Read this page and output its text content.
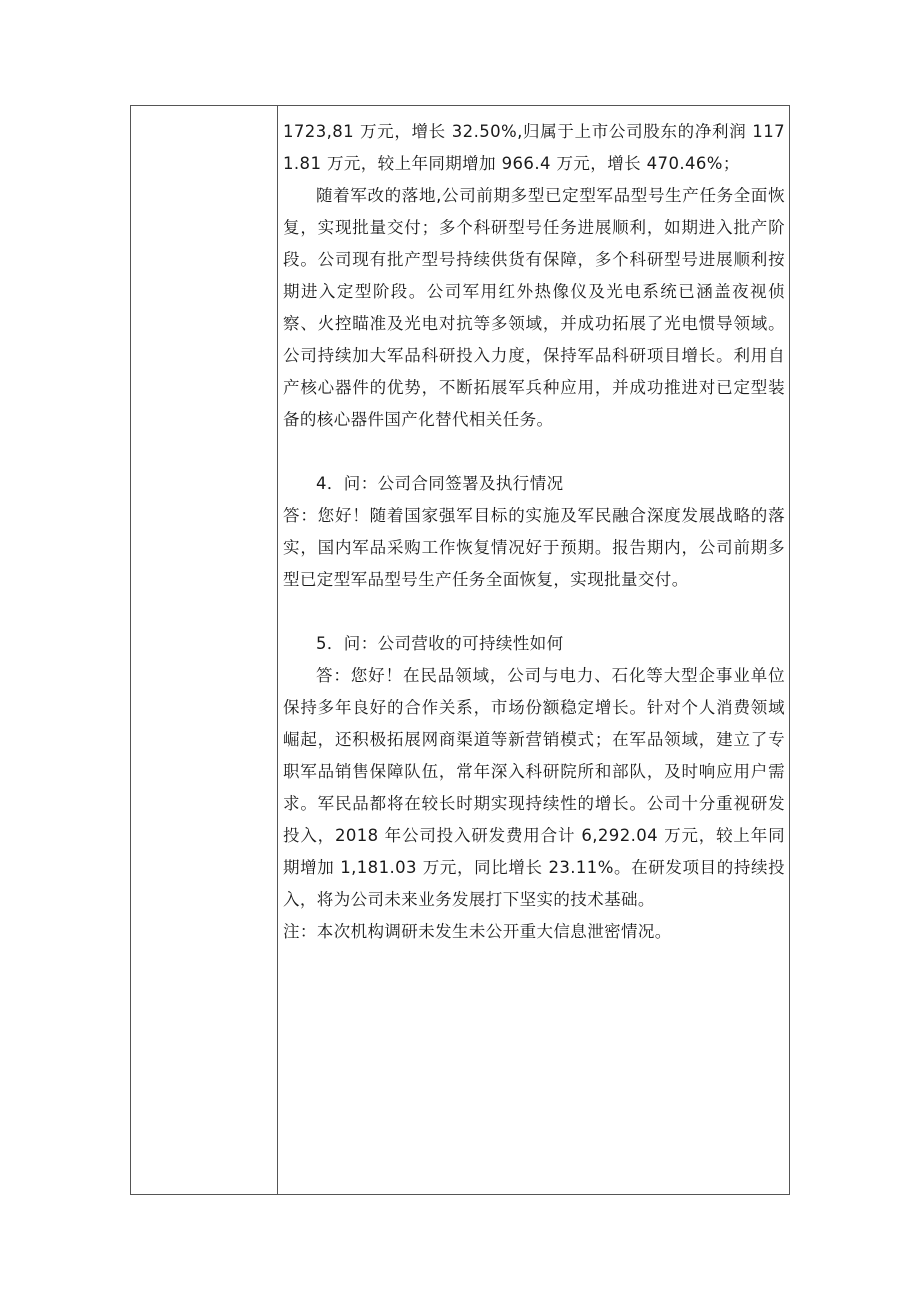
1723,81 万元，增长 32.50%,归属于上市公司股东的净利润 1171.81 万元，较上年同期增加 966.4 万元，增长 470.46%；

随着军改的落地,公司前期多型已定型军品型号生产任务全面恢复，实现批量交付；多个科研型号任务进展顺利，如期进入批产阶段。公司现有批产型号持续供货有保障，多个科研型号进展顺利按期进入定型阶段。公司军用红外热像仪及光电系统已涵盖夜视侦察、火控瞄准及光电对抗等多领域，并成功拓展了光电惯导领域。公司持续加大军品科研投入力度，保持军品科研项目增长。利用自产核心器件的优势，不断拓展军兵种应用，并成功推进对已定型装备的核心器件国产化替代相关任务。

4．问：公司合同签署及执行情况

答：您好！随着国家强军目标的实施及军民融合深度发展战略的落实，国内军品采购工作恢复情况好于预期。报告期内，公司前期多型已定型军品型号生产任务全面恢复，实现批量交付。

5．问：公司营收的可持续性如何

答：您好！在民品领域，公司与电力、石化等大型企事业单位保持多年良好的合作关系，市场份额稳定增长。针对个人消费领域崛起，还积极拓展网商渠道等新营销模式；在军品领域，建立了专职军品销售保障队伍，常年深入科研院所和部队，及时响应用户需求。军民品都将在较长时期实现持续性的增长。公司十分重视研发投入，2018 年公司投入研发费用合计 6,292.04 万元，较上年同期增加 1,181.03 万元，同比增长 23.11%。在研发项目的持续投入，将为公司未来业务发展打下坚实的技术基础。

注：本次机构调研未发生未公开重大信息泄密情况。
